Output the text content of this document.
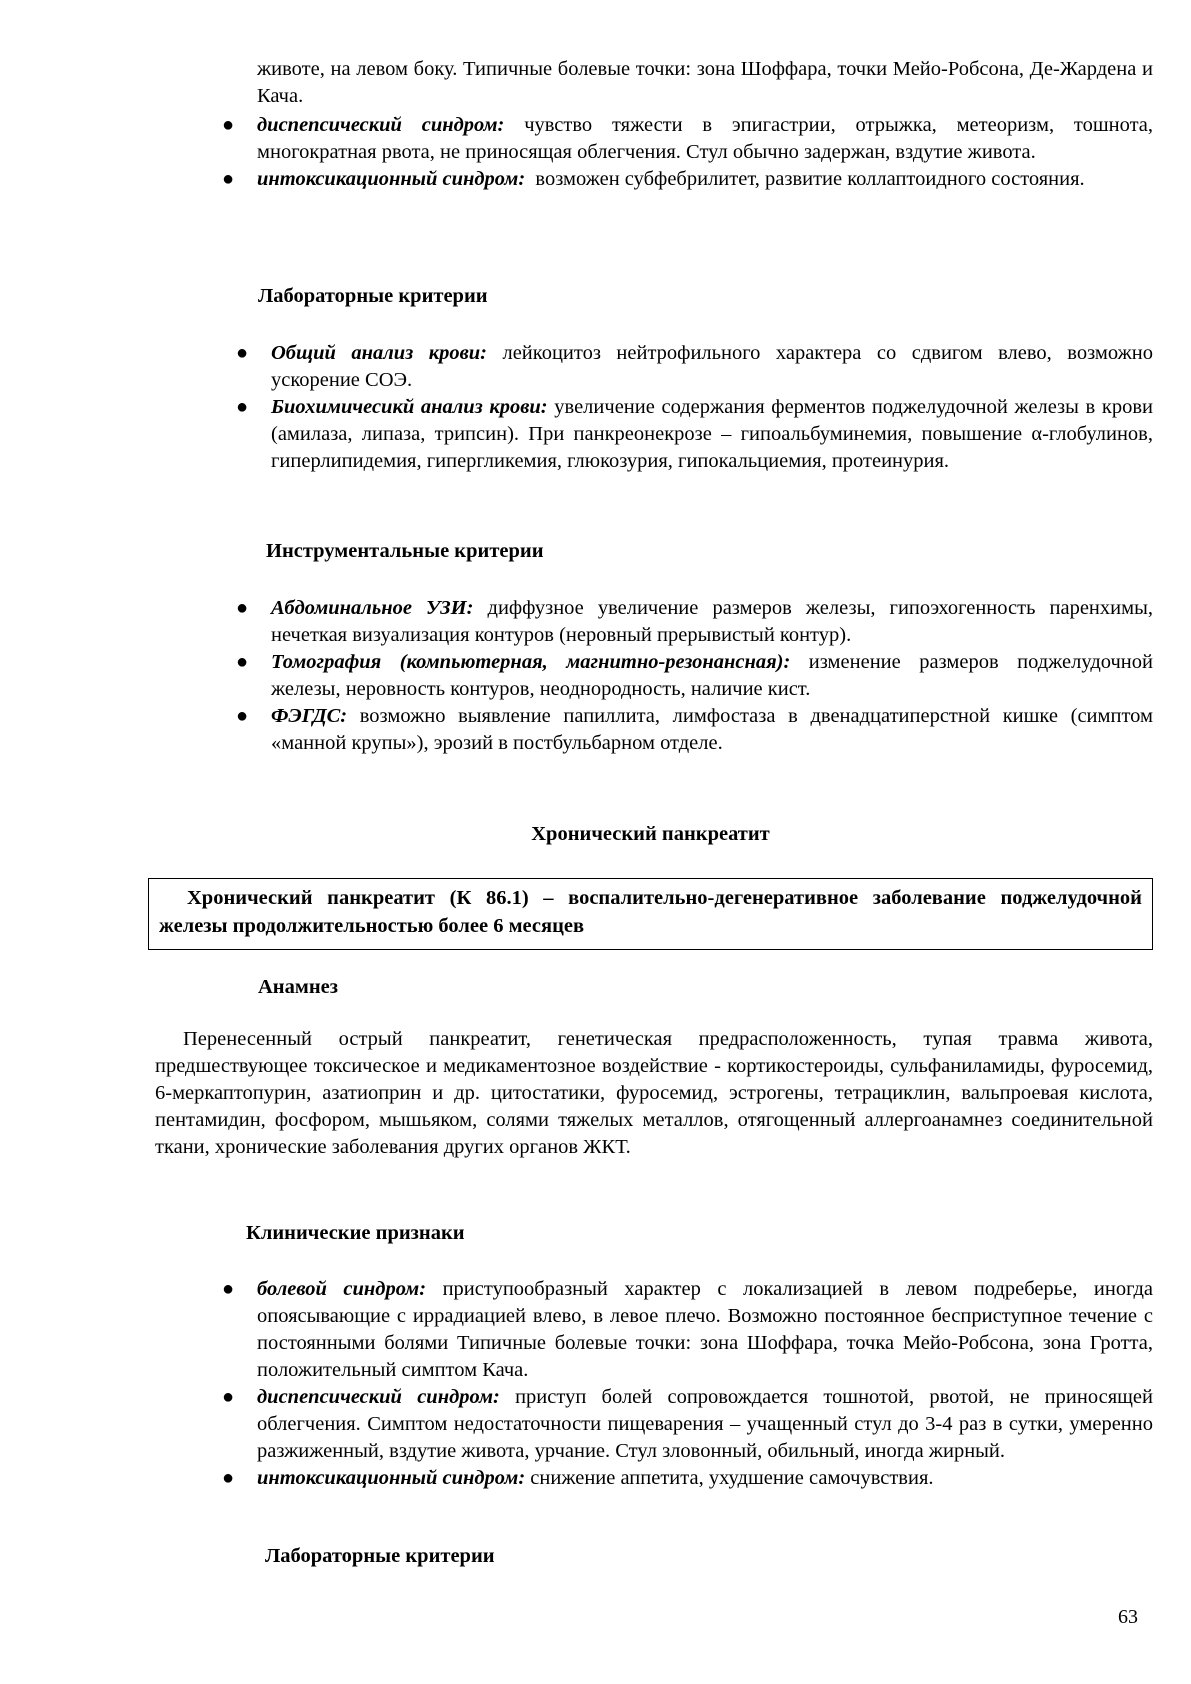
животе, на левом боку. Типичные болевые точки: зона Шоффара, точки Мейо-Робсона, Де-Жардена и Кача.
● диспепсический синдром: чувство тяжести в эпигастрии, отрыжка, метеоризм, тошнота, многократная рвота, не приносящая облегчения. Стул обычно задержан, вздутие живота.
● интоксикационный синдром:  возможен субфебрилитет, развитие коллаптоидного состояния.
Лабораторные критерии
● Общий анализ крови: лейкоцитоз нейтрофильного характера со сдвигом влево, возможно ускорение СОЭ.
● Биохимичесикй анализ крови: увеличение содержания ферментов поджелудочной железы в крови (амилаза, липаза, трипсин). При панкреонекрозе – гипоальбуминемия, повышение α-глобулинов, гиперлипидемия, гипергликемия, глюкозурия, гипокальциемия, протеинурия.
Инструментальные критерии
● Абдоминальное УЗИ: диффузное увеличение размеров железы, гипоэхогенность паренхимы, нечеткая визуализация контуров (неровный прерывистый контур).
● Томография (компьютерная, магнитно-резонансная): изменение размеров поджелудочной железы, неровность контуров, неоднородность, наличие кист.
● ФЭГДС: возможно выявление папиллита, лимфостаза в двенадцатиперстной кишке (симптом «манной крупы»), эрозий в постбульбарном отделе.
Хронический панкреатит
Хронический панкреатит (К 86.1) – воспалительно-дегенеративное заболевание поджелудочной железы продолжительностью более 6 месяцев
Анамнез
Перенесенный острый панкреатит, генетическая предрасположенность, тупая травма живота, предшествующее токсическое и медикаментозное воздействие - кортикостероиды, сульфаниламиды, фуросемид, 6-меркаптопурин, азатиоприн и др. цитостатики, фуросемид, эстрогены, тетрациклин, вальпроевая кислота, пентамидин, фосфором, мышьяком, солями тяжелых металлов, отягощенный аллергоанамнез соединительной ткани, хронические заболевания других органов ЖКТ.
Клинические признаки
● болевой синдром: приступообразный характер с локализацией в левом подреберье, иногда опоясывающие с иррадиацией влево, в левое плечо. Возможно постоянное бесприступное течение с постоянными болями Типичные болевые точки: зона Шоффара, точка Мейо-Робсона, зона Гротта, положительный симптом Кача.
● диспепсический синдром: приступ болей сопровождается тошнотой, рвотой, не приносящей облегчения. Симптом недостаточности пищеварения – учащенный стул до 3-4 раз в сутки, умеренно разжиженный, вздутие живота, урчание. Стул зловонный, обильный, иногда жирный.
● интоксикационный синдром: снижение аппетита, ухудшение самочувствия.
Лабораторные критерии
63
